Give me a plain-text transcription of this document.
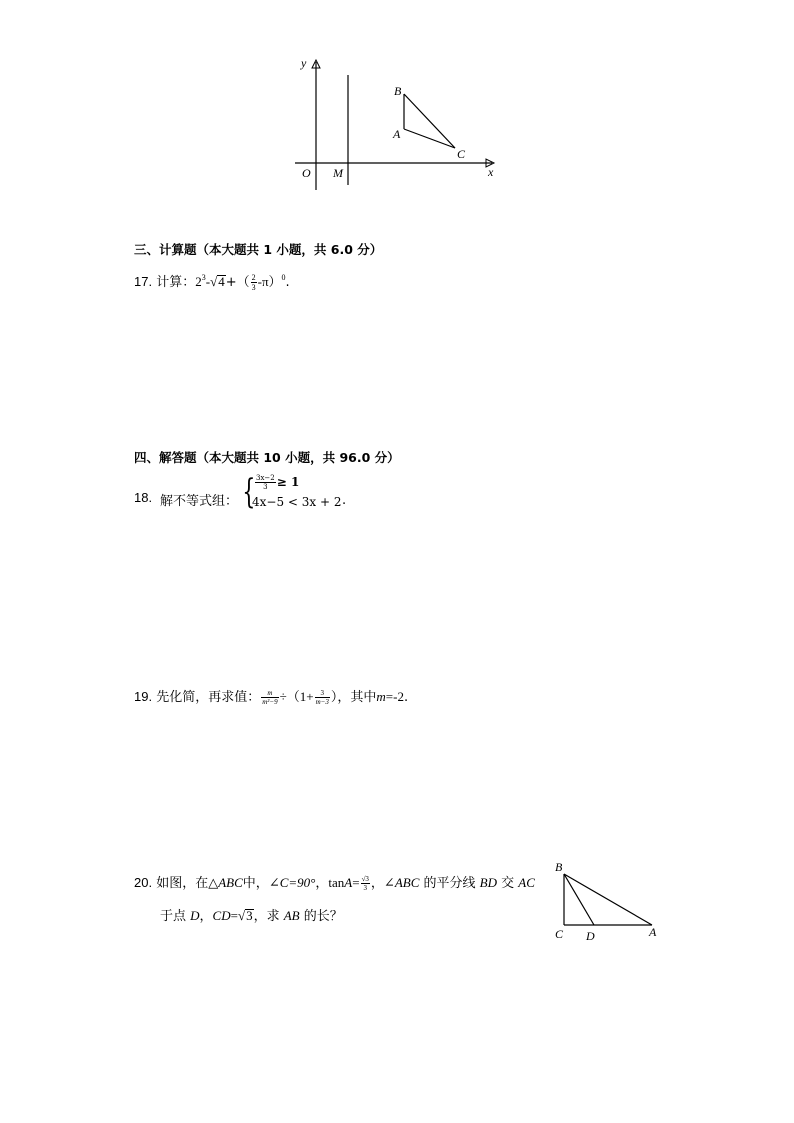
y
x
O M
B
A
C
三、计算题（本大题共 1 小题，共 6.0 分）
17. 计算：$2^3-√4+( \frac{2}{3} -\pi)^0$.
四、解答题（本大题共 10 小题，共 96.0 分）
18. 解不等式组： { $\frac{3x-2}{3} \ge 1$
4x−5 < 3x + 2 .
19. 先化简，再求值： $\frac{m}{\text{m²−9}} \div(1+ \frac{3}{m-3}$ ），其中m=-2.
20. 如图，在△ABC中，∠C=90°，$\tan A= \frac{√3}{3}$ ，∠ABC 的平分线 BD 交 AC
于点 D，CD=√3，求 AB 的长？
B
C D	A
